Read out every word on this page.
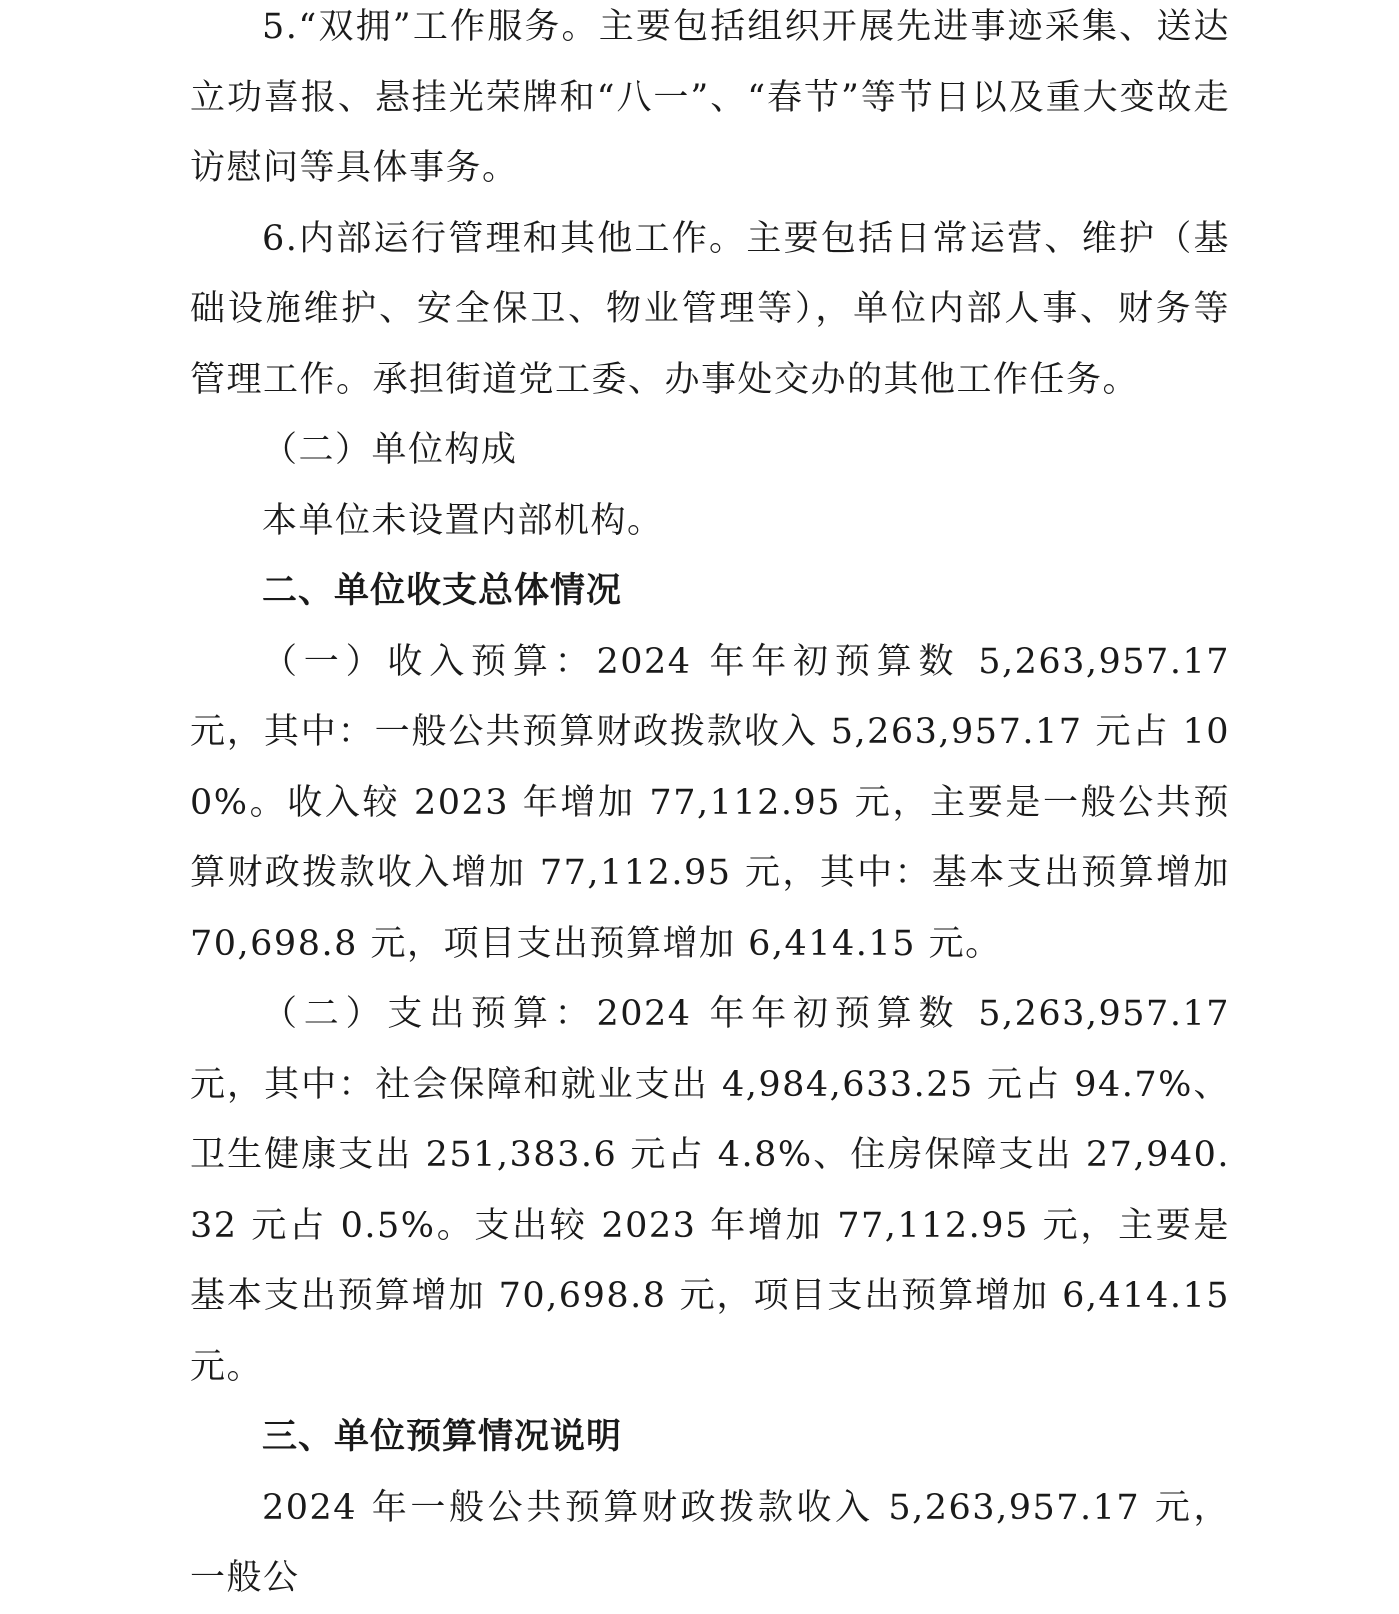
5.“双拥”工作服务。主要包括组织开展先进事迹采集、送达立功喜报、悬挂光荣牌和“八一”、“春节”等节日以及重大变故走访慰问等具体事务。

6.内部运行管理和其他工作。主要包括日常运营、维护（基础设施维护、安全保卫、物业管理等），单位内部人事、财务等管理工作。承担街道党工委、办事处交办的其他工作任务。

（二）单位构成

本单位未设置内部机构。

二、单位收支总体情况

（一）收入预算：2024 年年初预算数 5,263,957.17 元，其中：一般公共预算财政拨款收入 5,263,957.17 元占 100%。收入较 2023 年增加 77,112.95 元，主要是一般公共预算财政拨款收入增加 77,112.95 元，其中：基本支出预算增加 70,698.8 元，项目支出预算增加 6,414.15 元。

（二）支出预算：2024 年年初预算数 5,263,957.17 元，其中：社会保障和就业支出 4,984,633.25 元占 94.7%、卫生健康支出 251,383.6 元占 4.8%、住房保障支出 27,940.32 元占 0.5%。支出较 2023 年增加 77,112.95 元，主要是基本支出预算增加 70,698.8 元，项目支出预算增加 6,414.15 元。

三、单位预算情况说明

2024 年一般公共预算财政拨款收入 5,263,957.17 元，一般公
